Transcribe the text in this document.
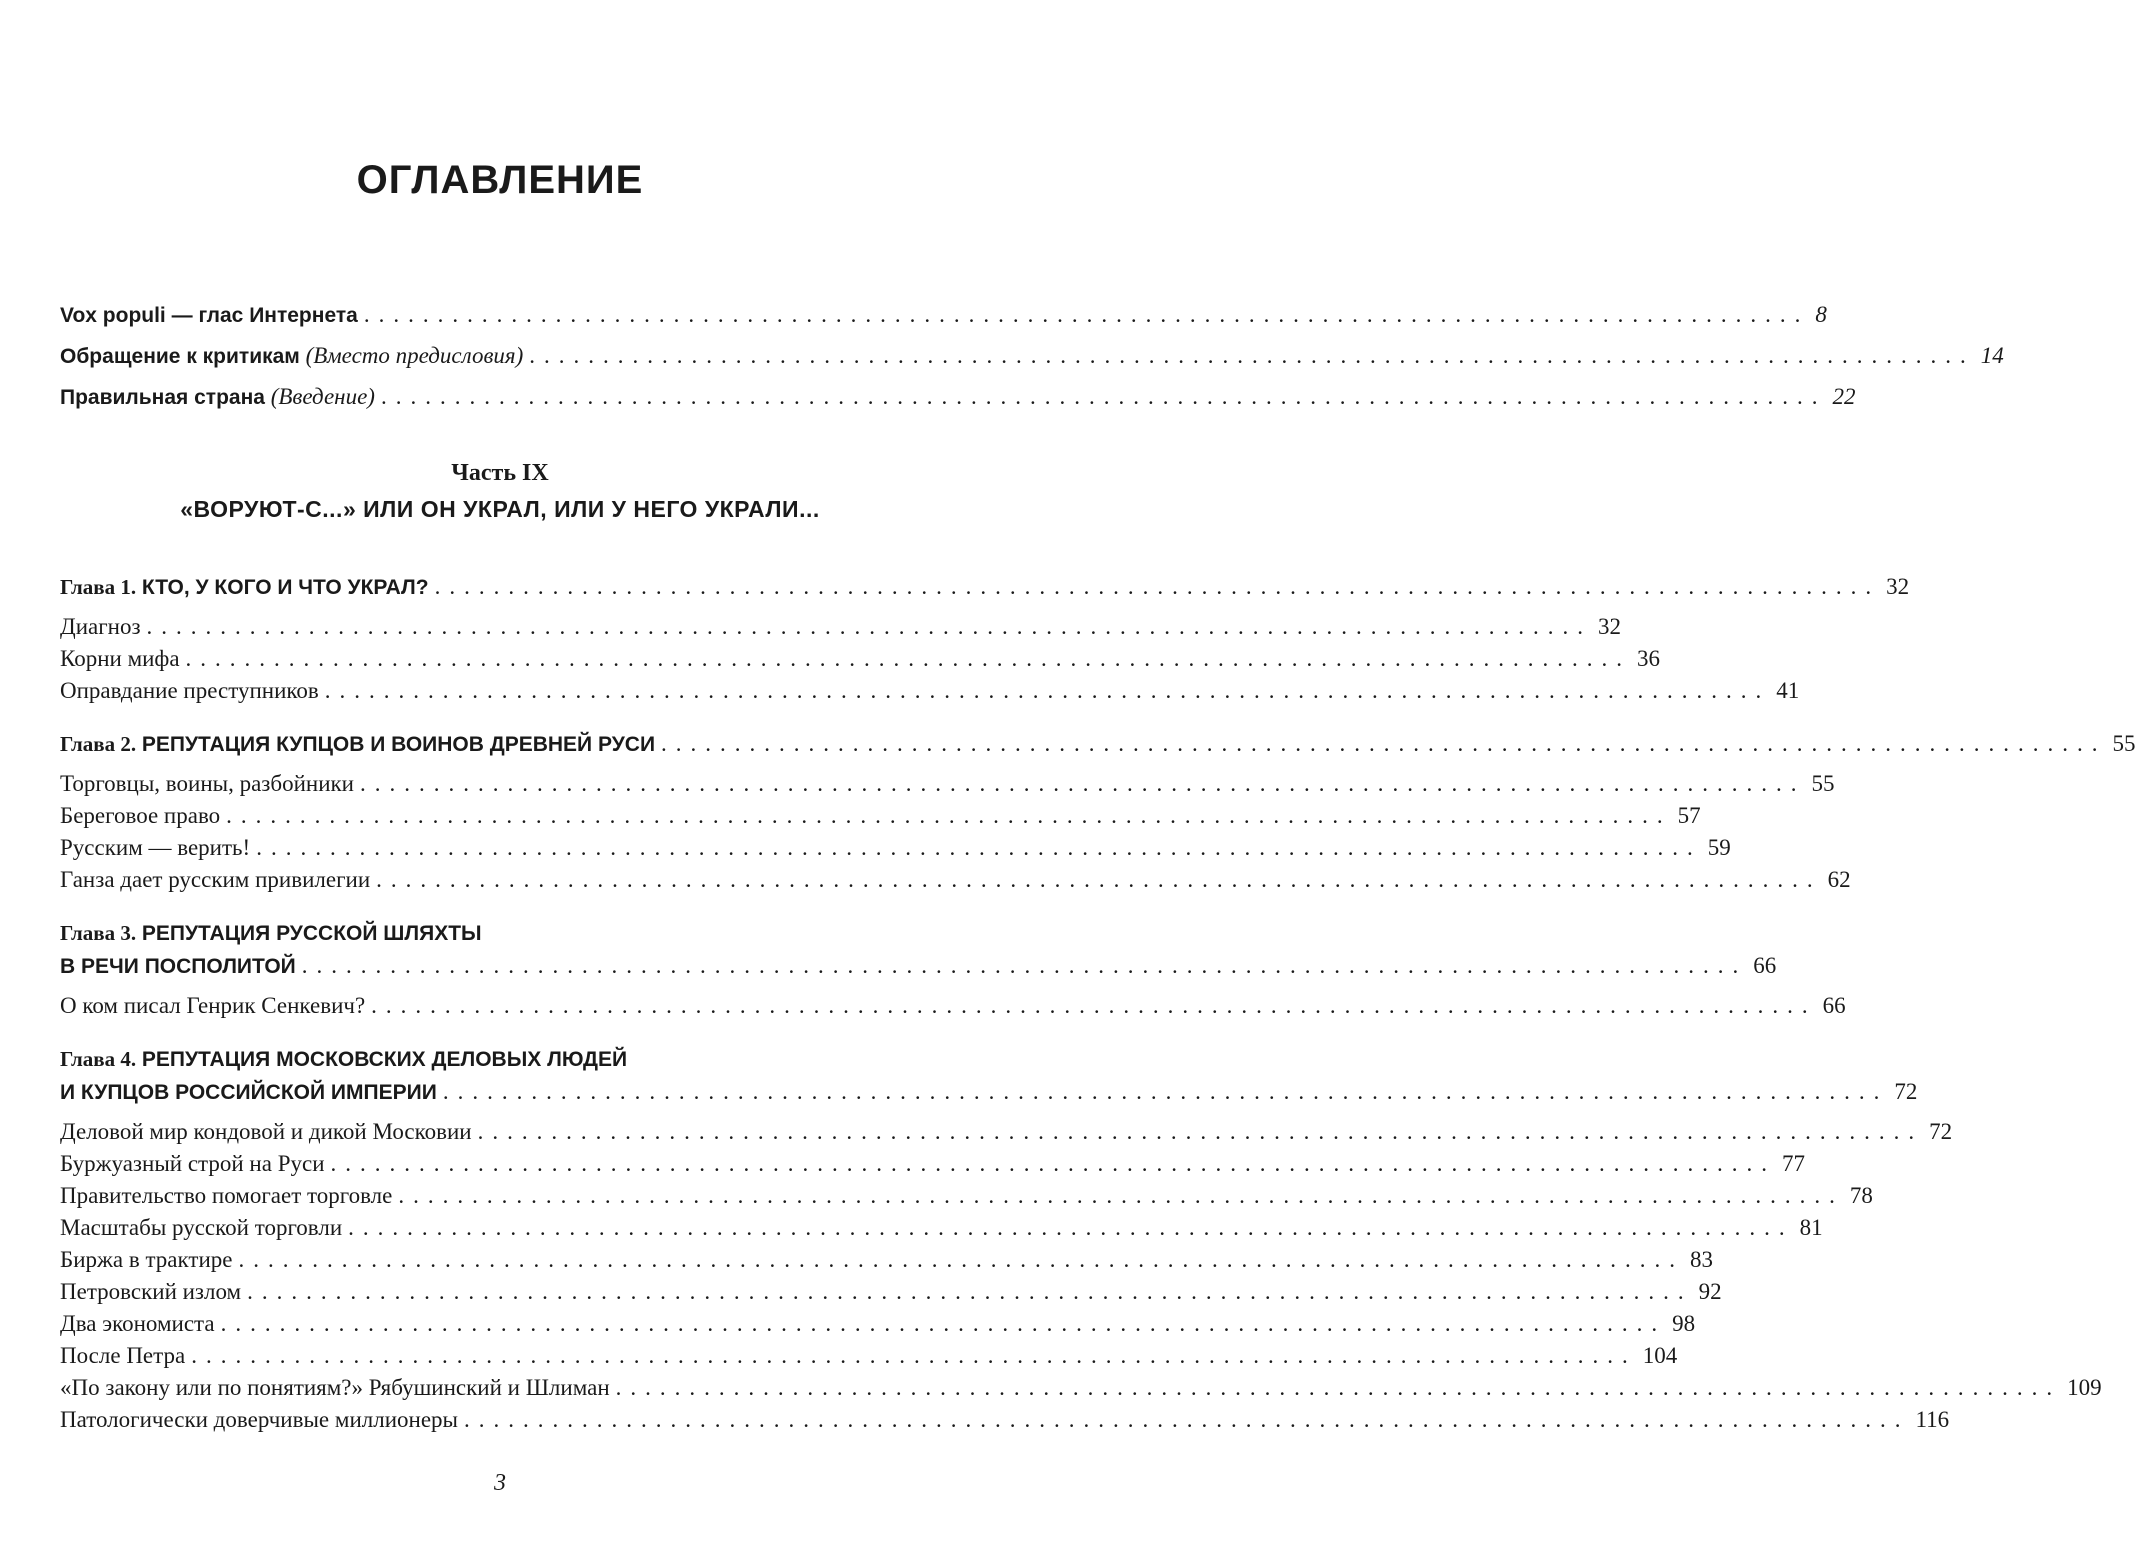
ОГЛАВЛЕНИЕ
Vox populi — глас Интернета .................................................................................................. 8
Обращение к критикам (Вместо предисловия) .................................................................................................. 14
Правильная страна (Введение) .................................................................................................. 22
Часть IX
«ВОРУЮТ-С...» ИЛИ ОН УКРАЛ, ИЛИ У НЕГО УКРАЛИ...
Глава 1. КТО, У КОГО И ЧТО УКРАЛ? .................................................................................................. 32
Диагноз .................................................................................................. 32
Корни мифа .................................................................................................. 36
Оправдание преступников .................................................................................................. 41
Глава 2. РЕПУТАЦИЯ КУПЦОВ И ВОИНОВ ДРЕВНЕЙ РУСИ .................................................................................................. 55
Торговцы, воины, разбойники .................................................................................................. 55
Береговое право .................................................................................................. 57
Русским — верить! .................................................................................................. 59
Ганза дает русским привилегии .................................................................................................. 62
Глава 3. РЕПУТАЦИЯ РУССКОЙ ШЛЯХТЫ
В РЕЧИ ПОСПОЛИТОЙ .................................................................................................. 66
О ком писал Генрик Сенкевич? .................................................................................................. 66
Глава 4. РЕПУТАЦИЯ МОСКОВСКИХ ДЕЛОВЫХ ЛЮДЕЙ
И КУПЦОВ РОССИЙСКОЙ ИМПЕРИИ .................................................................................................. 72
Деловой мир кондовой и дикой Московии .................................................................................................. 72
Буржуазный строй на Руси .................................................................................................. 77
Правительство помогает торговле .................................................................................................. 78
Масштабы русской торговли .................................................................................................. 81
Биржа в трактире .................................................................................................. 83
Петровский излом .................................................................................................. 92
Два экономиста .................................................................................................. 98
После Петра .................................................................................................. 104
«По закону или по понятиям?» Рябушинский и Шлиман .................................................................................................. 109
Патологически доверчивые миллионеры .................................................................................................. 116
3
